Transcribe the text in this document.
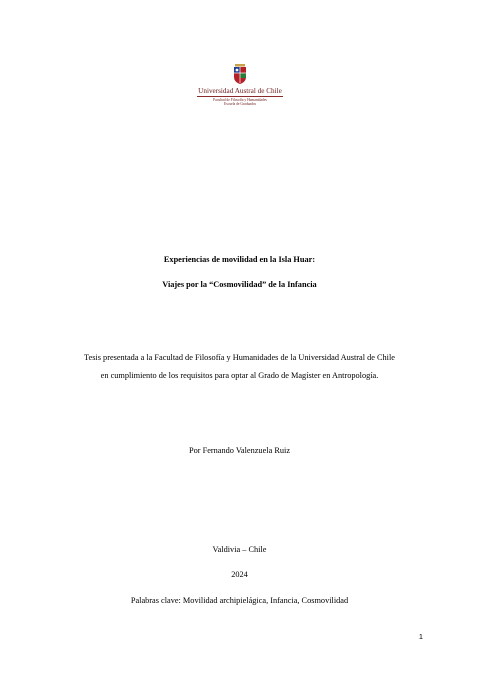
Universidad Austral de Chile
Facultad de Filosofía y Humanidades
Escuela de Graduados
Experiencias de movilidad en la Isla Huar:
Viajes por la “Cosmovilidad” de la Infancia
Tesis presentada a la Facultad de Filosofía y Humanidades de la Universidad Austral de Chile
en cumplimiento de los requisitos para optar al Grado de Magíster en Antropología.
Por Fernando Valenzuela Ruiz
Valdivia – Chile
2024
Palabras clave: Movilidad archipielágica, Infancia, Cosmovilidad
1
